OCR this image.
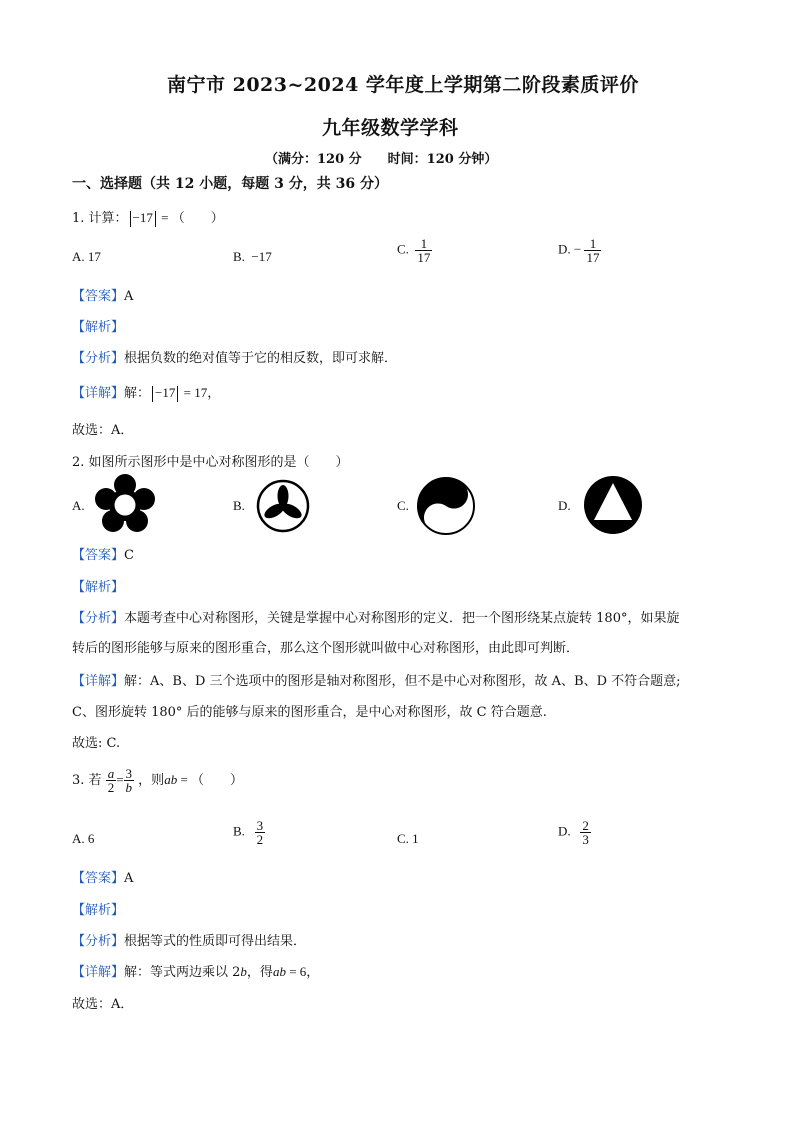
南宁市 2023~2024 学年度上学期第二阶段素质评价
九年级数学学科
（满分：120 分　　时间：120 分钟）
一、选择题（共 12 小题，每题 3 分，共 36 分）
1. 计算： −17 = （　　）
A. 17	B. −17
C. $\frac{1}{17}$	D. − $\frac{1}{17}$
【答案】A
【解析】
【分析】根据负数的绝对值等于它的相反数，即可求解．
【详解】解： −17 = 17，
故选：A．
2. 如图所示图形中是中心对称图形的是（　　）
A.	B.	C.	D.
【答案】C
【解析】
【分析】本题考查中心对称图形，关键是掌握中心对称图形的定义．把一个图形绕某点旋转 180°，如果旋
转后的图形能够与原来的图形重合，那么这个图形就叫做中心对称图形，由此即可判断．
【详解】解：A、B、D 三个选项中的图形是轴对称图形，但不是中心对称图形，故 A、B、D 不符合题意;
C、图形旋转 180° 后的能够与原来的图形重合，是中心对称图形，故 C 符合题意.
故选: C.
3. 若 $\frac{a}{2} = \frac{3}{b}$ ，则ab = （　　）
A. 6
B. $\frac{3}{2}$	C. 1
D. $\frac{2}{3}$
【答案】A
【解析】
【分析】根据等式的性质即可得出结果．
【详解】解：等式两边乘以 2b，得ab = 6，
故选：A．
